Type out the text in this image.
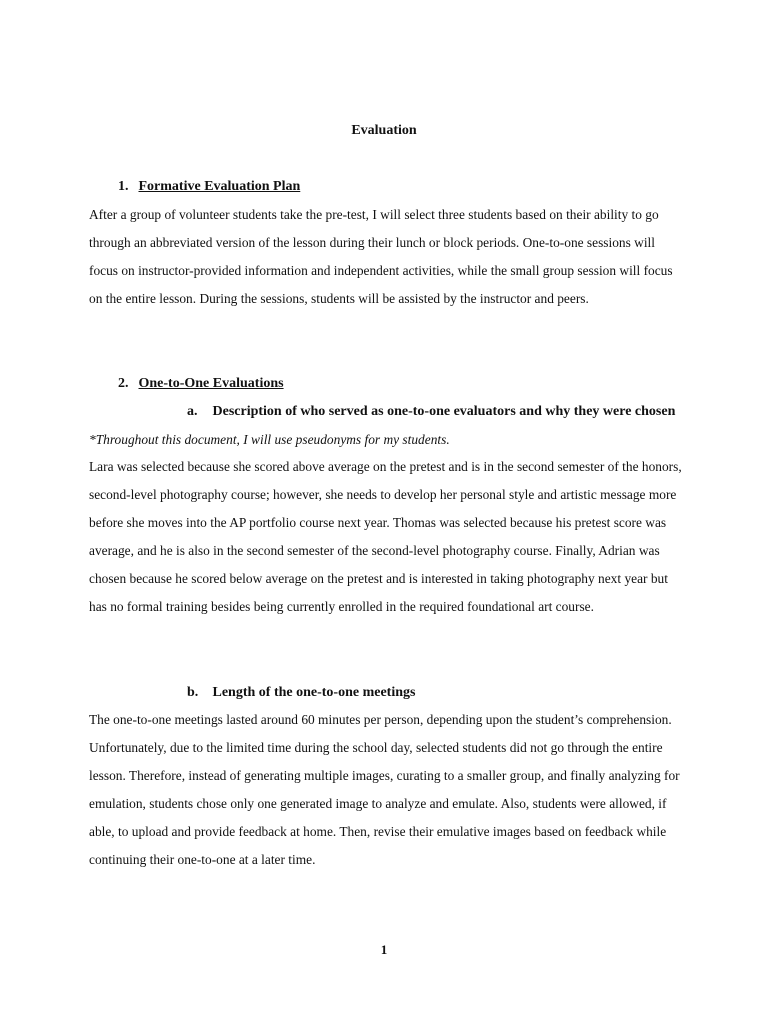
Evaluation
1. Formative Evaluation Plan

After a group of volunteer students take the pre-test, I will select three students based on their ability to go through an abbreviated version of the lesson during their lunch or block periods. One-to-one sessions will focus on instructor-provided information and independent activities, while the small group session will focus on the entire lesson. During the sessions, students will be assisted by the instructor and peers.

2. One-to-One Evaluations
a. Description of who served as one-to-one evaluators and why they were chosen
*Throughout this document, I will use pseudonyms for my students.

Lara was selected because she scored above average on the pretest and is in the second semester of the honors, second-level photography course; however, she needs to develop her personal style and artistic message more before she moves into the AP portfolio course next year. Thomas was selected because his pretest score was average, and he is also in the second semester of the second-level photography course. Finally, Adrian was chosen because he scored below average on the pretest and is interested in taking photography next year but has no formal training besides being currently enrolled in the required foundational art course.

b. Length of the one-to-one meetings

The one-to-one meetings lasted around 60 minutes per person, depending upon the student’s comprehension. Unfortunately, due to the limited time during the school day, selected students did not go through the entire lesson. Therefore, instead of generating multiple images, curating to a smaller group, and finally analyzing for emulation, students chose only one generated image to analyze and emulate. Also, students were allowed, if able, to upload and provide feedback at home. Then, revise their emulative images based on feedback while continuing their one-to-one at a later time.

1
